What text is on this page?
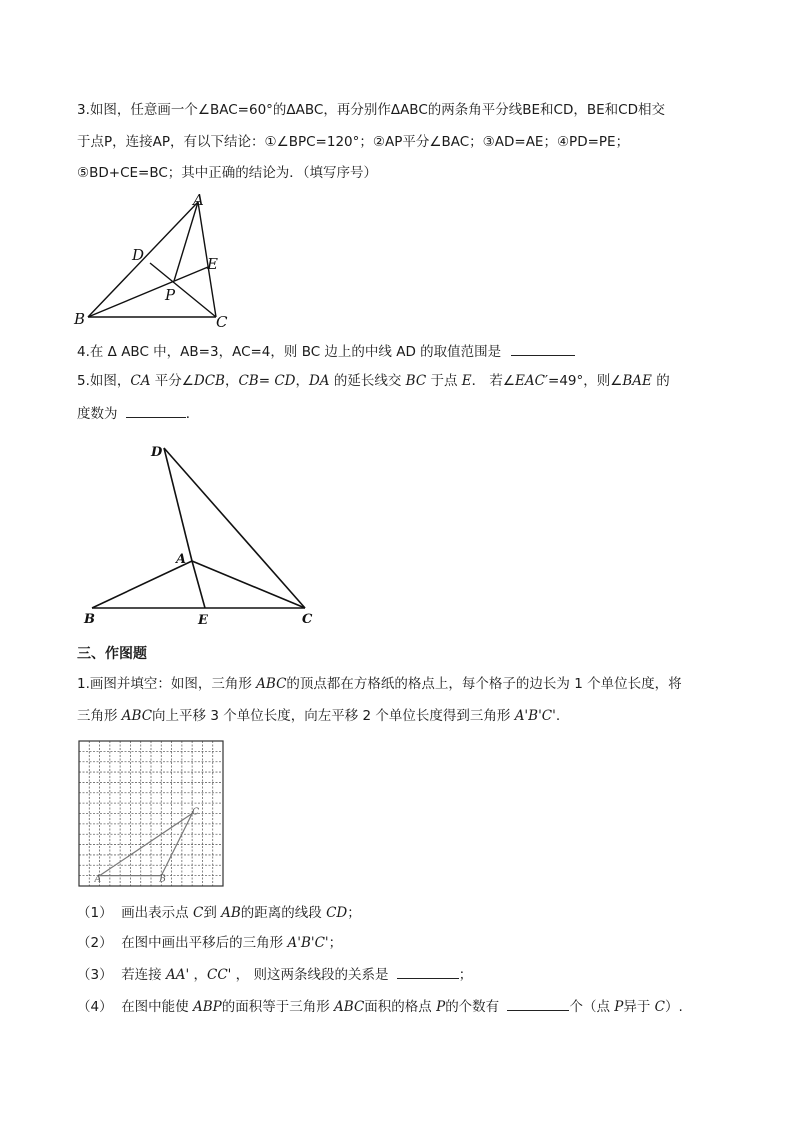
3.如图，任意画一个∠BAC=60°的ΔABC，再分别作ΔABC的两条角平分线BE和CD，BE和CD相交
于点P，连接AP，有以下结论：①∠BPC=120°；②AP平分∠BAC；③AD=AE；④PD=PE；
⑤BD+CE=BC；其中正确的结论为．（填写序号）
A
B	C
D	E
P
4.在 Δ ABC 中，AB=3，AC=4，则 BC 边上的中线 AD 的取值范围是
5.如图，CA 平分∠DCB，CB= CD，DA 的延长线交 BC 于点 E． 若∠EAC′=49°，则∠BAE 的
度数为	．
D
A
B	E	C
三、作图题
1.画图并填空：如图，三角形 ABC的顶点都在方格纸的格点上，每个格子的边长为 1 个单位长度，将
三角形 ABC向上平移 3 个单位长度，向左平移 2 个单位长度得到三角形 A'B'C'.
A	B
C
（1） 画出表示点 C到 AB的距离的线段 CD；
（2） 在图中画出平移后的三角形 A'B'C'；
（3） 若连接 AA' ，CC' ， 则这两条线段的关系是	；
（4） 在图中能使 ABP的面积等于三角形 ABC面积的格点 P的个数有	个（点 P异于 C）.
